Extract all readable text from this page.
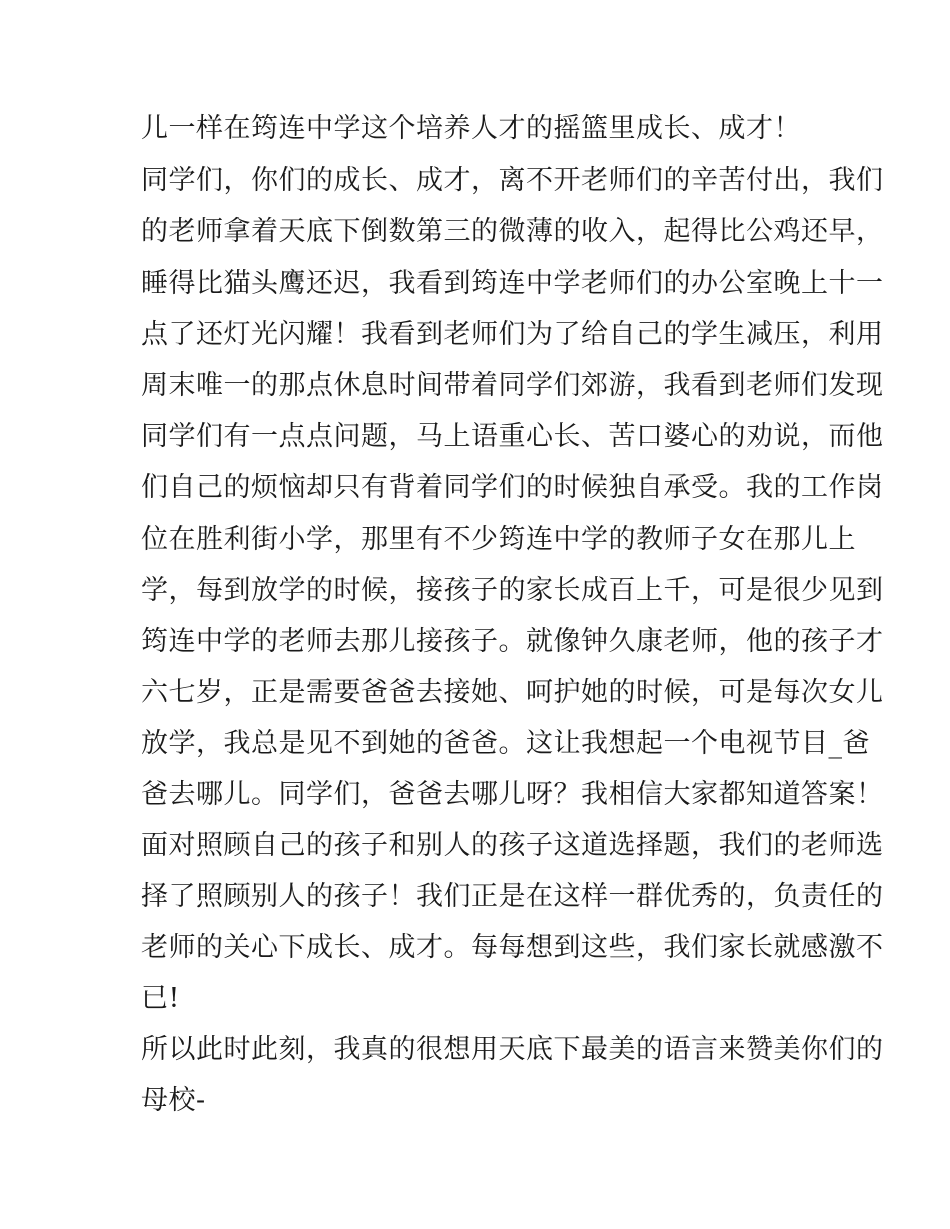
儿一样在筠连中学这个培养人才的摇篮里成长、成才！

同学们，你们的成长、成才，离不开老师们的辛苦付出，我们

的老师拿着天底下倒数第三的微薄的收入，起得比公鸡还早，

睡得比猫头鹰还迟，我看到筠连中学老师们的办公室晚上十一

点了还灯光闪耀！我看到老师们为了给自己的学生减压，利用

周末唯一的那点休息时间带着同学们郊游，我看到老师们发现

同学们有一点点问题，马上语重心长、苦口婆心的劝说，而他

们自己的烦恼却只有背着同学们的时候独自承受。我的工作岗

位在胜利街小学，那里有不少筠连中学的教师子女在那儿上

学，每到放学的时候，接孩子的家长成百上千，可是很少见到

筠连中学的老师去那儿接孩子。就像钟久康老师，他的孩子才

六七岁，正是需要爸爸去接她、呵护她的时候，可是每次女儿

放学，我总是见不到她的爸爸。这让我想起一个电视节目_爸

爸去哪儿。同学们，爸爸去哪儿呀？我相信大家都知道答案！

面对照顾自己的孩子和别人的孩子这道选择题，我们的老师选

择了照顾别人的孩子！我们正是在这样一群优秀的，负责任的

老师的关心下成长、成才。每每想到这些，我们家长就感激不

已!

所以此时此刻，我真的很想用天底下最美的语言来赞美你们的

母校-
